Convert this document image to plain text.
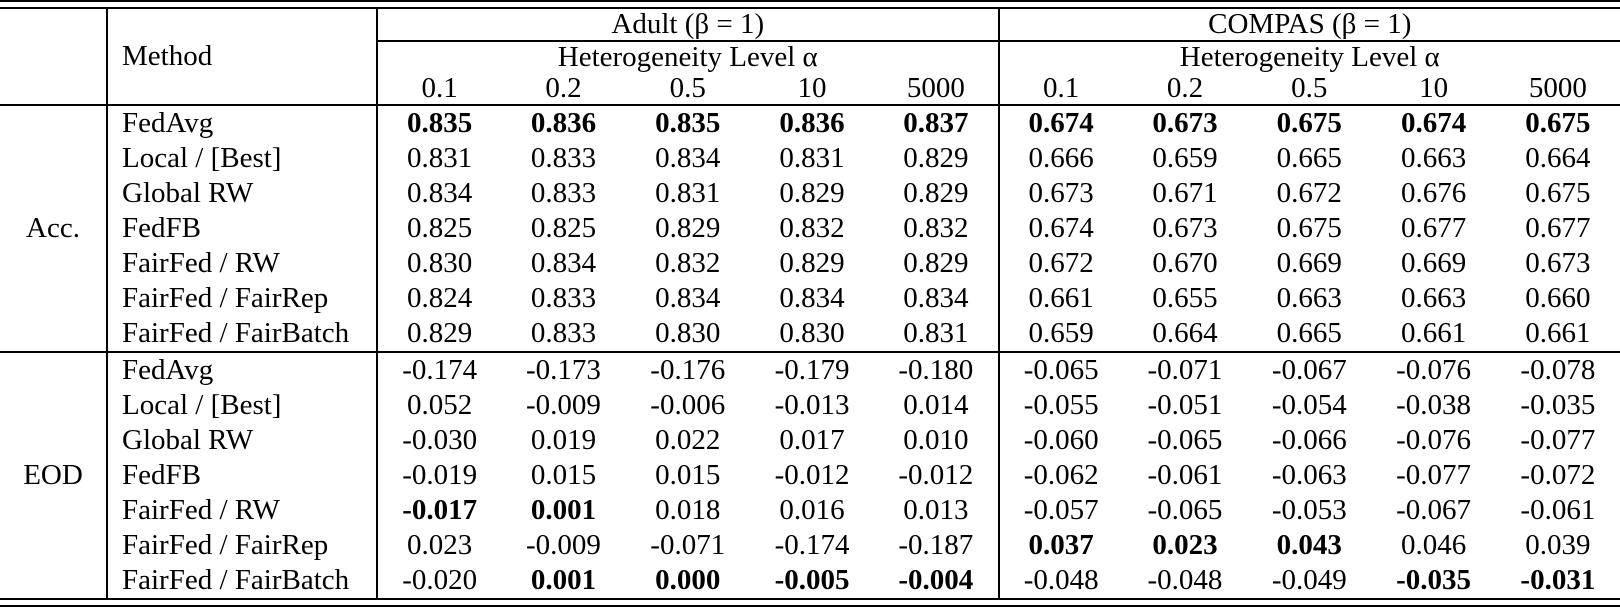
	Method	Adult (β = 1)					COMPAS (β = 1)				
		Heterogeneity Level α					Heterogeneity Level α				
		0.1	0.2	0.5	10	5000	0.1	0.2	0.5	10	5000
Acc.	FedAvg	0.835	0.836	0.835	0.836	0.837	0.674	0.673	0.675	0.674	0.675
	Local / [Best]	0.831	0.833	0.834	0.831	0.829	0.666	0.659	0.665	0.663	0.664
	Global RW	0.834	0.833	0.831	0.829	0.829	0.673	0.671	0.672	0.676	0.675
	FedFB	0.825	0.825	0.829	0.832	0.832	0.674	0.673	0.675	0.677	0.677
	FairFed / RW	0.830	0.834	0.832	0.829	0.829	0.672	0.670	0.669	0.669	0.673
	FairFed / FairRep	0.824	0.833	0.834	0.834	0.834	0.661	0.655	0.663	0.663	0.660
	FairFed / FairBatch	0.829	0.833	0.830	0.830	0.831	0.659	0.664	0.665	0.661	0.661
EOD	FedAvg	-0.174	-0.173	-0.176	-0.179	-0.180	-0.065	-0.071	-0.067	-0.076	-0.078
	Local / [Best]	0.052	-0.009	-0.006	-0.013	0.014	-0.055	-0.051	-0.054	-0.038	-0.035
	Global RW	-0.030	0.019	0.022	0.017	0.010	-0.060	-0.065	-0.066	-0.076	-0.077
	FedFB	-0.019	0.015	0.015	-0.012	-0.012	-0.062	-0.061	-0.063	-0.077	-0.072
	FairFed / RW	-0.017	0.001	0.018	0.016	0.013	-0.057	-0.065	-0.053	-0.067	-0.061
	FairFed / FairRep	0.023	-0.009	-0.071	-0.174	-0.187	0.037	0.023	0.043	0.046	0.039
	FairFed / FairBatch	-0.020	0.001	0.000	-0.005	-0.004	-0.048	-0.048	-0.049	-0.035	-0.031
